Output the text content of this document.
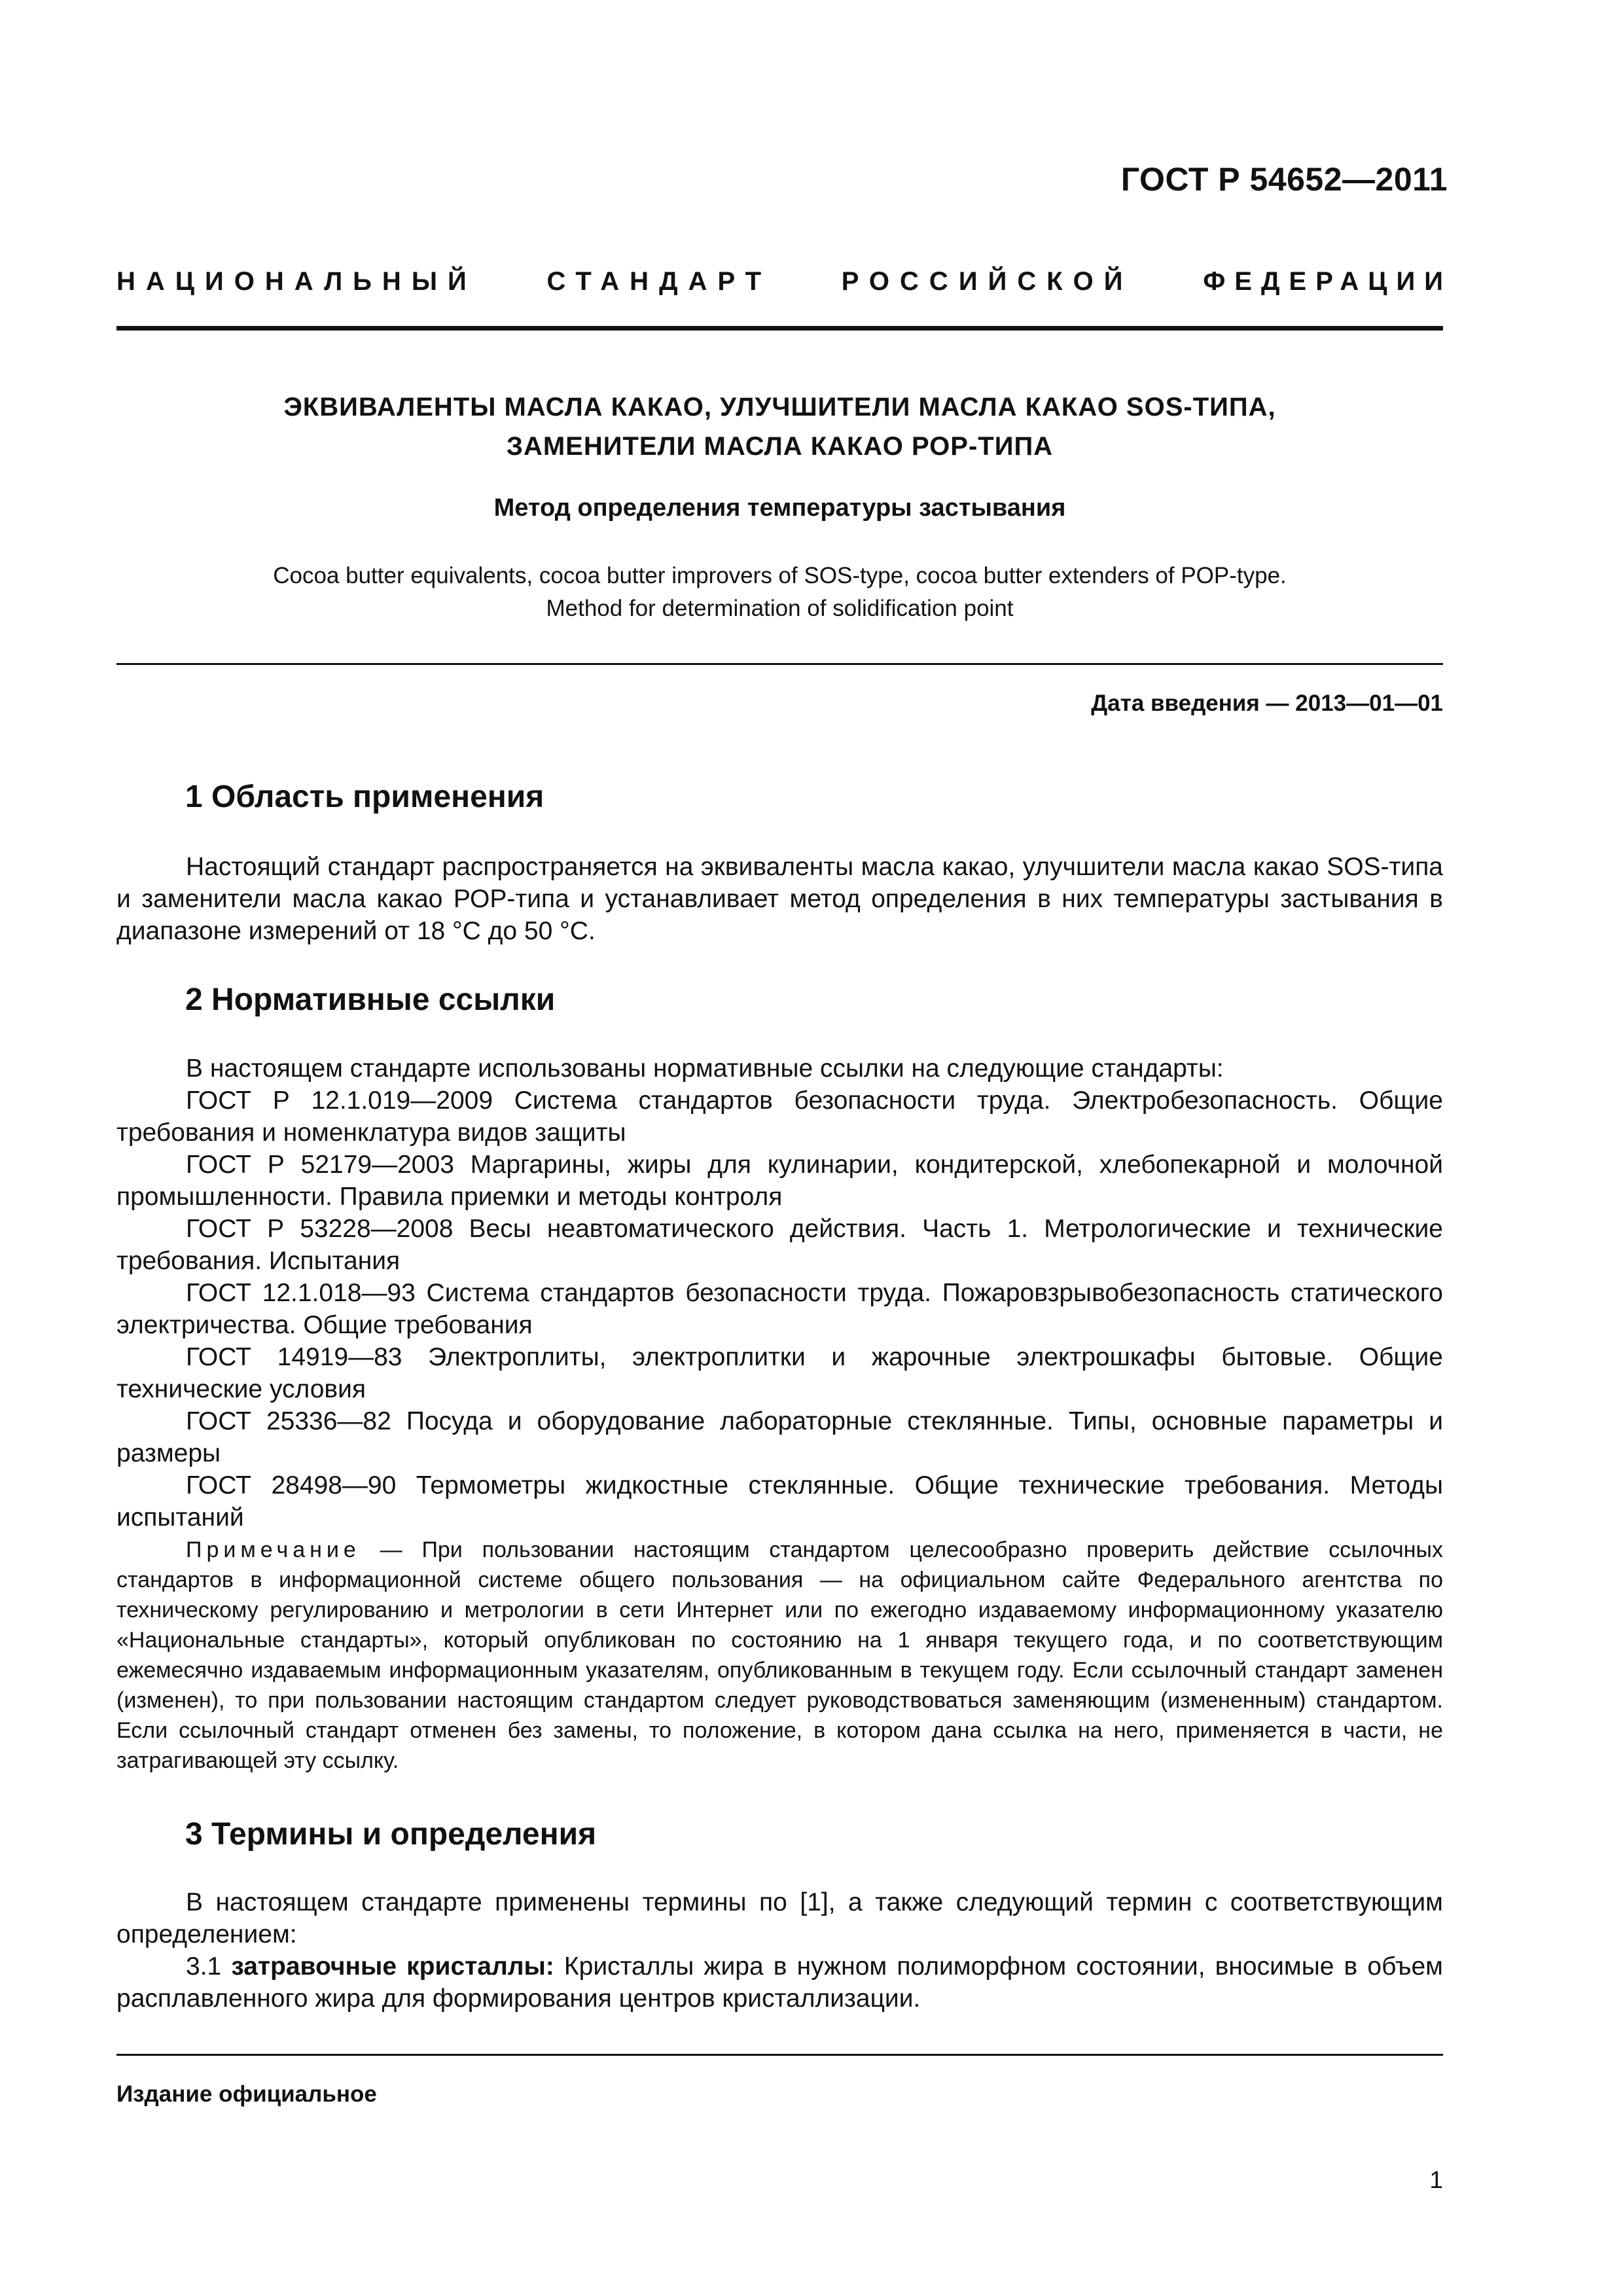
ГОСТ Р 54652—2011
НАЦИОНАЛЬНЫЙ	СТАНДАРТ	РОССИЙСКОЙ	ФЕДЕРАЦИИ
ЭКВИВАЛЕНТЫ МАСЛА КАКАО, УЛУЧШИТЕЛИ МАСЛА КАКАО SOS-ТИПА,
ЗАМЕНИТЕЛИ МАСЛА КАКАО РОР-ТИПА
Метод определения температуры застывания
Cocoa butter equivalents, cocoa butter improvers of SOS-type, cocoa butter extenders of POP-type.
Method for determination of solidification point
Дата введения — 2013—01—01
1 Область применения

Настоящий стандарт распространяется на эквиваленты масла какао, улучшители масла какао SOS-типа и заменители масла какао РОР-типа и устанавливает метод определения в них температуры застывания в диапазоне измерений от 18 °С до 50 °С.

2 Нормативные ссылки

В настоящем стандарте использованы нормативные ссылки на следующие стандарты:

ГОСТ Р 12.1.019—2009 Система стандартов безопасности труда. Электробезопасность. Общие требования и номенклатура видов защиты

ГОСТ Р 52179—2003 Маргарины, жиры для кулинарии, кондитерской, хлебопекарной и молочной промышленности. Правила приемки и методы контроля

ГОСТ Р 53228—2008 Весы неавтоматического действия. Часть 1. Метрологические и технические требования. Испытания

ГОСТ 12.1.018—93 Система стандартов безопасности труда. Пожаровзрывобезопасность статического электричества. Общие требования

ГОСТ 14919—83 Электроплиты, электроплитки и жарочные электрошкафы бытовые. Общие технические условия

ГОСТ 25336—82 Посуда и оборудование лабораторные стеклянные. Типы, основные параметры и размеры

ГОСТ 28498—90 Термометры жидкостные стеклянные. Общие технические требования. Методы испытаний

Примечание — При пользовании настоящим стандартом целесообразно проверить действие ссылочных стандартов в информационной системе общего пользования — на официальном сайте Федерального агентства по техническому регулированию и метрологии в сети Интернет или по ежегодно издаваемому информационному указателю «Национальные стандарты», который опубликован по состоянию на 1 января текущего года, и по соответствующим ежемесячно издаваемым информационным указателям, опубликованным в текущем году. Если ссылочный стандарт заменен (изменен), то при пользовании настоящим стандартом следует руководствоваться заменяющим (измененным) стандартом. Если ссылочный стандарт отменен без замены, то положение, в котором дана ссылка на него, применяется в части, не затрагивающей эту ссылку.

3 Термины и определения

В настоящем стандарте применены термины по [1], а также следующий термин с соответствующим определением:

3.1 затравочные кристаллы: Кристаллы жира в нужном полиморфном состоянии, вносимые в объем расплавленного жира для формирования центров кристаллизации.

Издание официальное
1
